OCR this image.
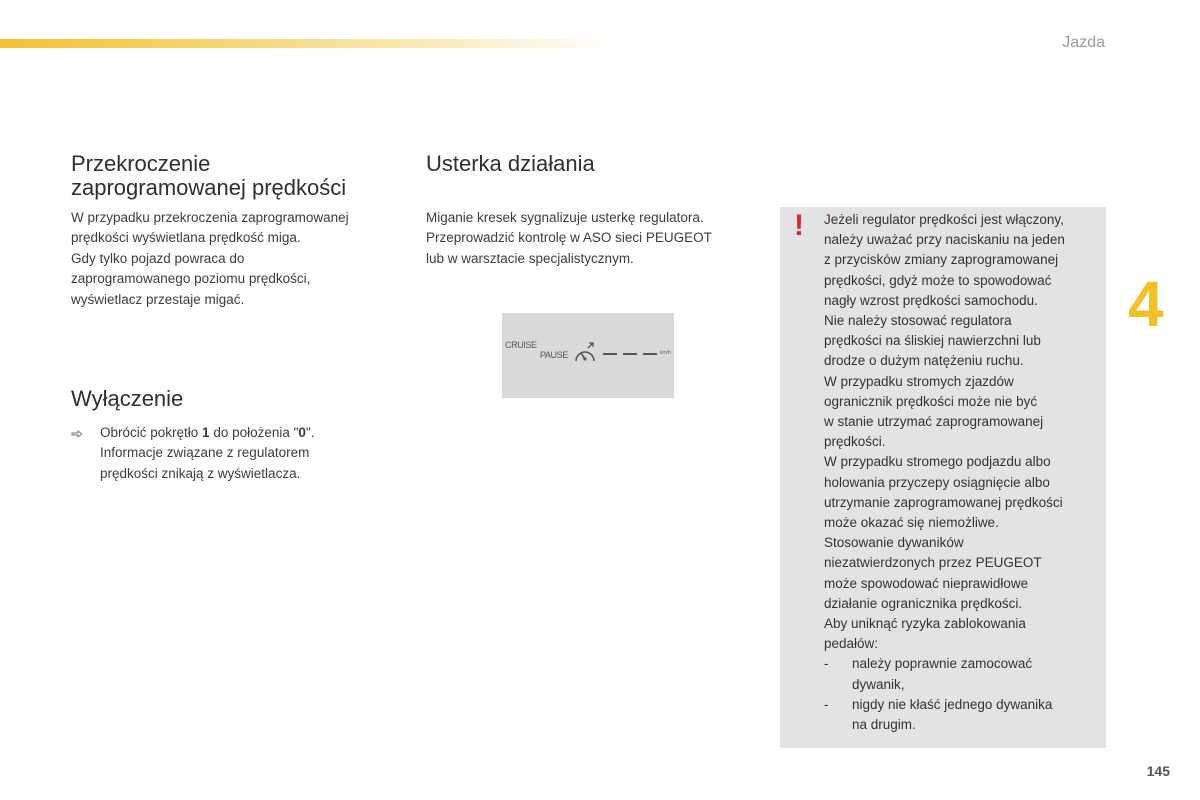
Jazda
Przekroczenie
zaprogramowanej prędkości

W przypadku przekroczenia zaprogramowanej

prędkości wyświetlana prędkość miga.

Gdy tylko pojazd powraca do

zaprogramowanego poziomu prędkości,

wyświetlacz przestaje migać.

Wyłączenie

Obrócić pokrętło 1 do położenia "0".

Informacje związane z regulatorem

prędkości znikają z wyświetlacza.

Usterka działania

Miganie kresek sygnalizuje usterkę regulatora.

Przeprowadzić kontrolę w ASO sieci PEUGEOT

lub w warsztacie specjalistycznym.

CRUISE
PAUSE	km/h
! Jeżeli regulator prędkości jest włączony,

należy uważać przy naciskaniu na jeden

z przycisków zmiany zaprogramowanej

prędkości, gdyż może to spowodować

nagły wzrost prędkości samochodu.

Nie należy stosować regulatora

prędkości na śliskiej nawierzchni lub

drodze o dużym natężeniu ruchu.

W przypadku stromych zjazdów

ogranicznik prędkości może nie być

w stanie utrzymać zaprogramowanej

prędkości.

W przypadku stromego podjazdu albo

holowania przyczepy osiągnięcie albo

utrzymanie zaprogramowanej prędkości

może okazać się niemożliwe.

Stosowanie dywaników

niezatwierdzonych przez PEUGEOT

może spowodować nieprawidłowe

działanie ogranicznika prędkości.

Aby uniknąć ryzyka zablokowania

pedałów:

-	należy poprawnie zamocować

dywanik,

-	nigdy nie kłaść jednego dywanika

na drugim.

4
145
